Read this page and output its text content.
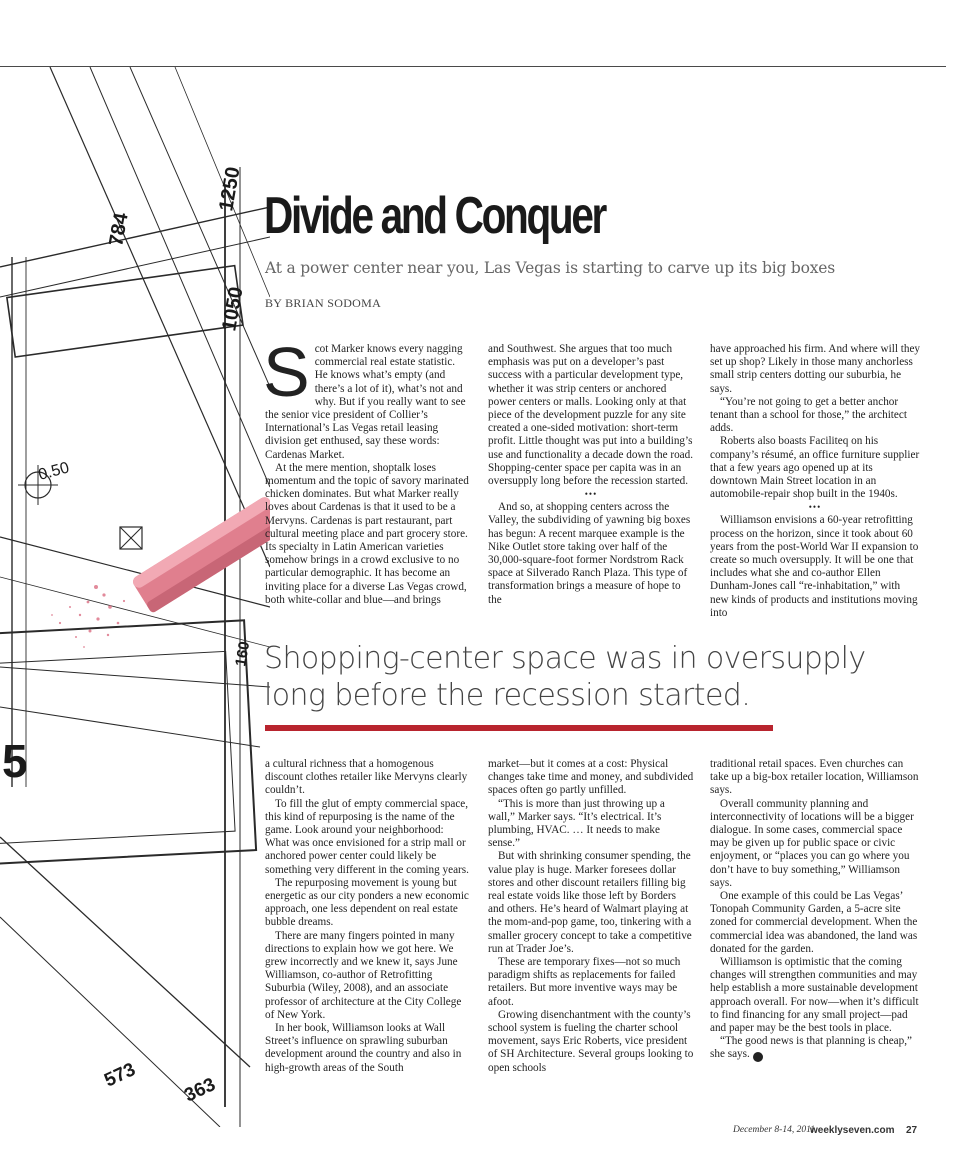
1250
784
1050
0.50
160
5
573 363
Divide and Conquer
At a power center near you, Las Vegas is starting to carve up its big boxes
BY BRIAN SODOMA
S cot Marker knows every nagging commercial real estate statistic. He knows what’s empty (and there’s a lot of it), what’s not and why. But if you really want to see the senior vice president of Collier’s International’s Las Vegas retail leasing division get enthused, say these words: Cardenas Market.

At the mere mention, shoptalk loses momentum and the topic of savory marinated chicken dominates. But what Marker really loves about Cardenas is that it used to be a Mervyns. Cardenas is part restaurant, part cultural meeting place and part grocery store. Its specialty in Latin American varieties somehow brings in a crowd exclusive to no particular demographic. It has become an inviting place for a diverse Las Vegas crowd, both white-collar and blue—and brings

and Southwest. She argues that too much emphasis was put on a developer’s past success with a particular development type, whether it was strip centers or anchored power centers or malls. Looking only at that piece of the development puzzle for any site created a one-sided motivation: short-term profit. Little thought was put into a building’s use and functionality a decade down the road. Shopping-center space per capita was in an oversupply long before the recession started.

•••

And so, at shopping centers across the Valley, the subdividing of yawning big boxes has begun: A recent marquee example is the Nike Outlet store taking over half of the 30,000-square-foot former Nordstrom Rack space at Silverado Ranch Plaza. This type of transformation brings a measure of hope to the

have approached his firm. And where will they set up shop? Likely in those many anchorless small strip centers dotting our suburbia, he says.

“You’re not going to get a better anchor tenant than a school for those,” the architect adds.

Roberts also boasts Faciliteq on his company’s résumé, an office furniture supplier that a few years ago opened up at its downtown Main Street location in an automobile-repair shop built in the 1940s.

•••

Williamson envisions a 60-year retrofitting process on the horizon, since it took about 60 years from the post-World War II expansion to create so much oversupply. It will be one that includes what she and co-author Ellen Dunham-Jones call “re-inhabitation,” with new kinds of products and institutions moving into

Shopping-center space was in oversupply long before the recession started.

a cultural richness that a homogenous discount clothes retailer like Mervyns clearly couldn’t.

To fill the glut of empty commercial space, this kind of repurposing is the name of the game. Look around your neighborhood: What was once envisioned for a strip mall or anchored power center could likely be something very different in the coming years.

The repurposing movement is young but energetic as our city ponders a new economic approach, one less dependent on real estate bubble dreams.

There are many fingers pointed in many directions to explain how we got here. We grew incorrectly and we knew it, says June Williamson, co-author of Retrofitting Suburbia (Wiley, 2008), and an associate professor of architecture at the City College of New York.

In her book, Williamson looks at Wall Street’s influence on sprawling suburban development around the country and also in high-growth areas of the South

market—but it comes at a cost: Physical changes take time and money, and subdivided spaces often go partly unfilled.

“This is more than just throwing up a wall,” Marker says. “It’s electrical. It’s plumbing, HVAC. … It needs to make sense.”

But with shrinking consumer spending, the value play is huge. Marker foresees dollar stores and other discount retailers filling big real estate voids like those left by Borders and others. He’s heard of Walmart playing at the mom-and-pop game, too, tinkering with a smaller grocery concept to take a competitive run at Trader Joe’s.

These are temporary fixes—not so much paradigm shifts as replacements for failed retailers. But more inventive ways may be afoot.

Growing disenchantment with the county’s school system is fueling the charter school movement, says Eric Roberts, vice president of SH Architecture. Several groups looking to open schools

traditional retail spaces. Even churches can take up a big-box retailer location, Williamson says.

Overall community planning and interconnectivity of locations will be a bigger dialogue. In some cases, commercial space may be given up for public space or civic enjoyment, or “places you can go where you don’t have to buy something,” Williamson says.

One example of this could be Las Vegas’ Tonopah Community Garden, a 5-acre site zoned for commercial development. When the commercial idea was abandoned, the land was donated for the garden.

Williamson is optimistic that the coming changes will strengthen communities and may help establish a more sustainable development approach overall. For now—when it’s difficult to find financing for any small project—pad and paper may be the best tools in place.

“The good news is that planning is cheap,” she says. 7

December 8-14, 2011
weeklyseven.com 27
